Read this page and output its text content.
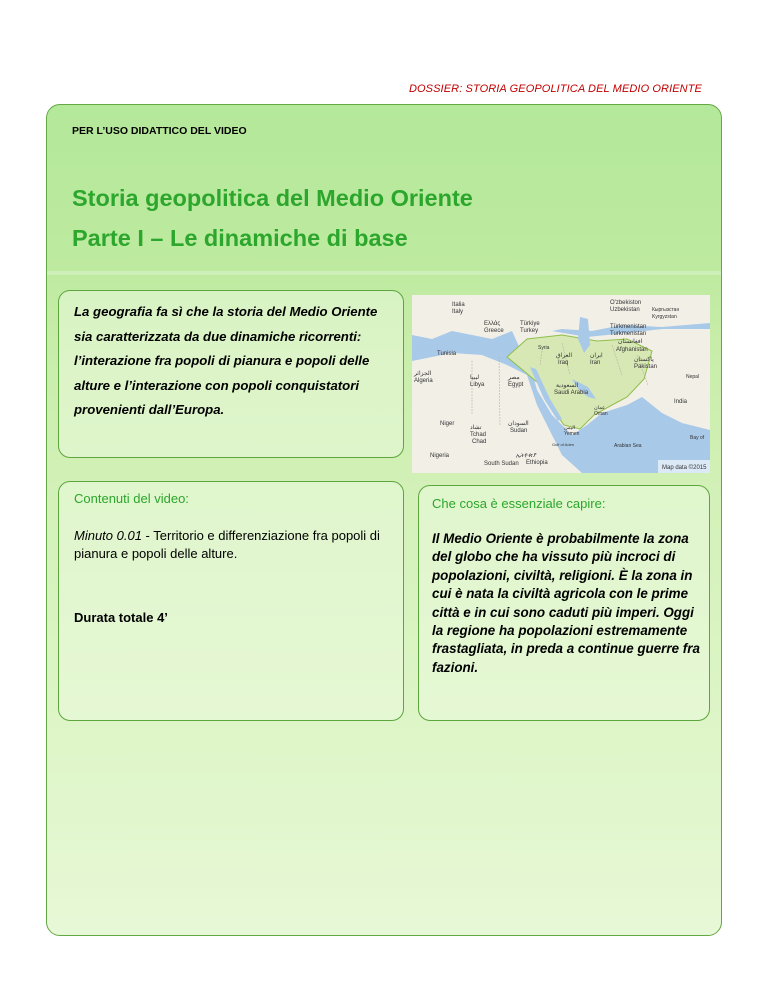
DOSSIER: STORIA GEOPOLITICA DEL MEDIO ORIENTE
PER L’USO DIDATTICO DEL VIDEO
Storia geopolitica del Medio Oriente
Parte I – Le dinamiche di base
La geografia fa sì che la storia del Medio Oriente sia caratterizzata da due dinamiche ricorrenti: l’interazione fra popoli di pianura e popoli delle alture e l’interazione con popoli conquistatori provenienti dall’Europa.
Italia
Italy
Ελλάς
Greece
Türkiye
Turkey
O'zbekiston
Uzbekistan Кыргызстан
Kyrgyzstan
Türkmenistan
Turkmenistan
Tunisia
Syria
العراق
Iraq
ایران
Iran
افغانستان
Afghanistan
پاکستان
Pakistan
Nepal
الجزائر
Algeria	ليبيا
Libya
مصر
Egypt	السعودية
Saudi Arabia
عمان
Oman
India
Niger
تشاد
Tchad
Chad
السودان
Sudan	اليمن
Yemen
Gulf of Aden	Arabian Sea
Bay of
Nigeria	ኢትዮጵያ
South Sudan Ethiopia
Map data ©2015
Contenuti del video:
Minuto 0.01 - Territorio e differenziazione fra popoli di pianura e popoli delle alture.
Durata totale 4’
Che cosa è essenziale capire:
Il Medio Oriente è probabilmente la zona del globo che ha vissuto più incroci di popolazioni, civiltà, religioni. È la zona in cui è nata la civiltà agricola con le prime città e in cui sono caduti più imperi. Oggi la regione ha popolazioni estremamente frastagliata, in preda a continue guerre fra fazioni.
